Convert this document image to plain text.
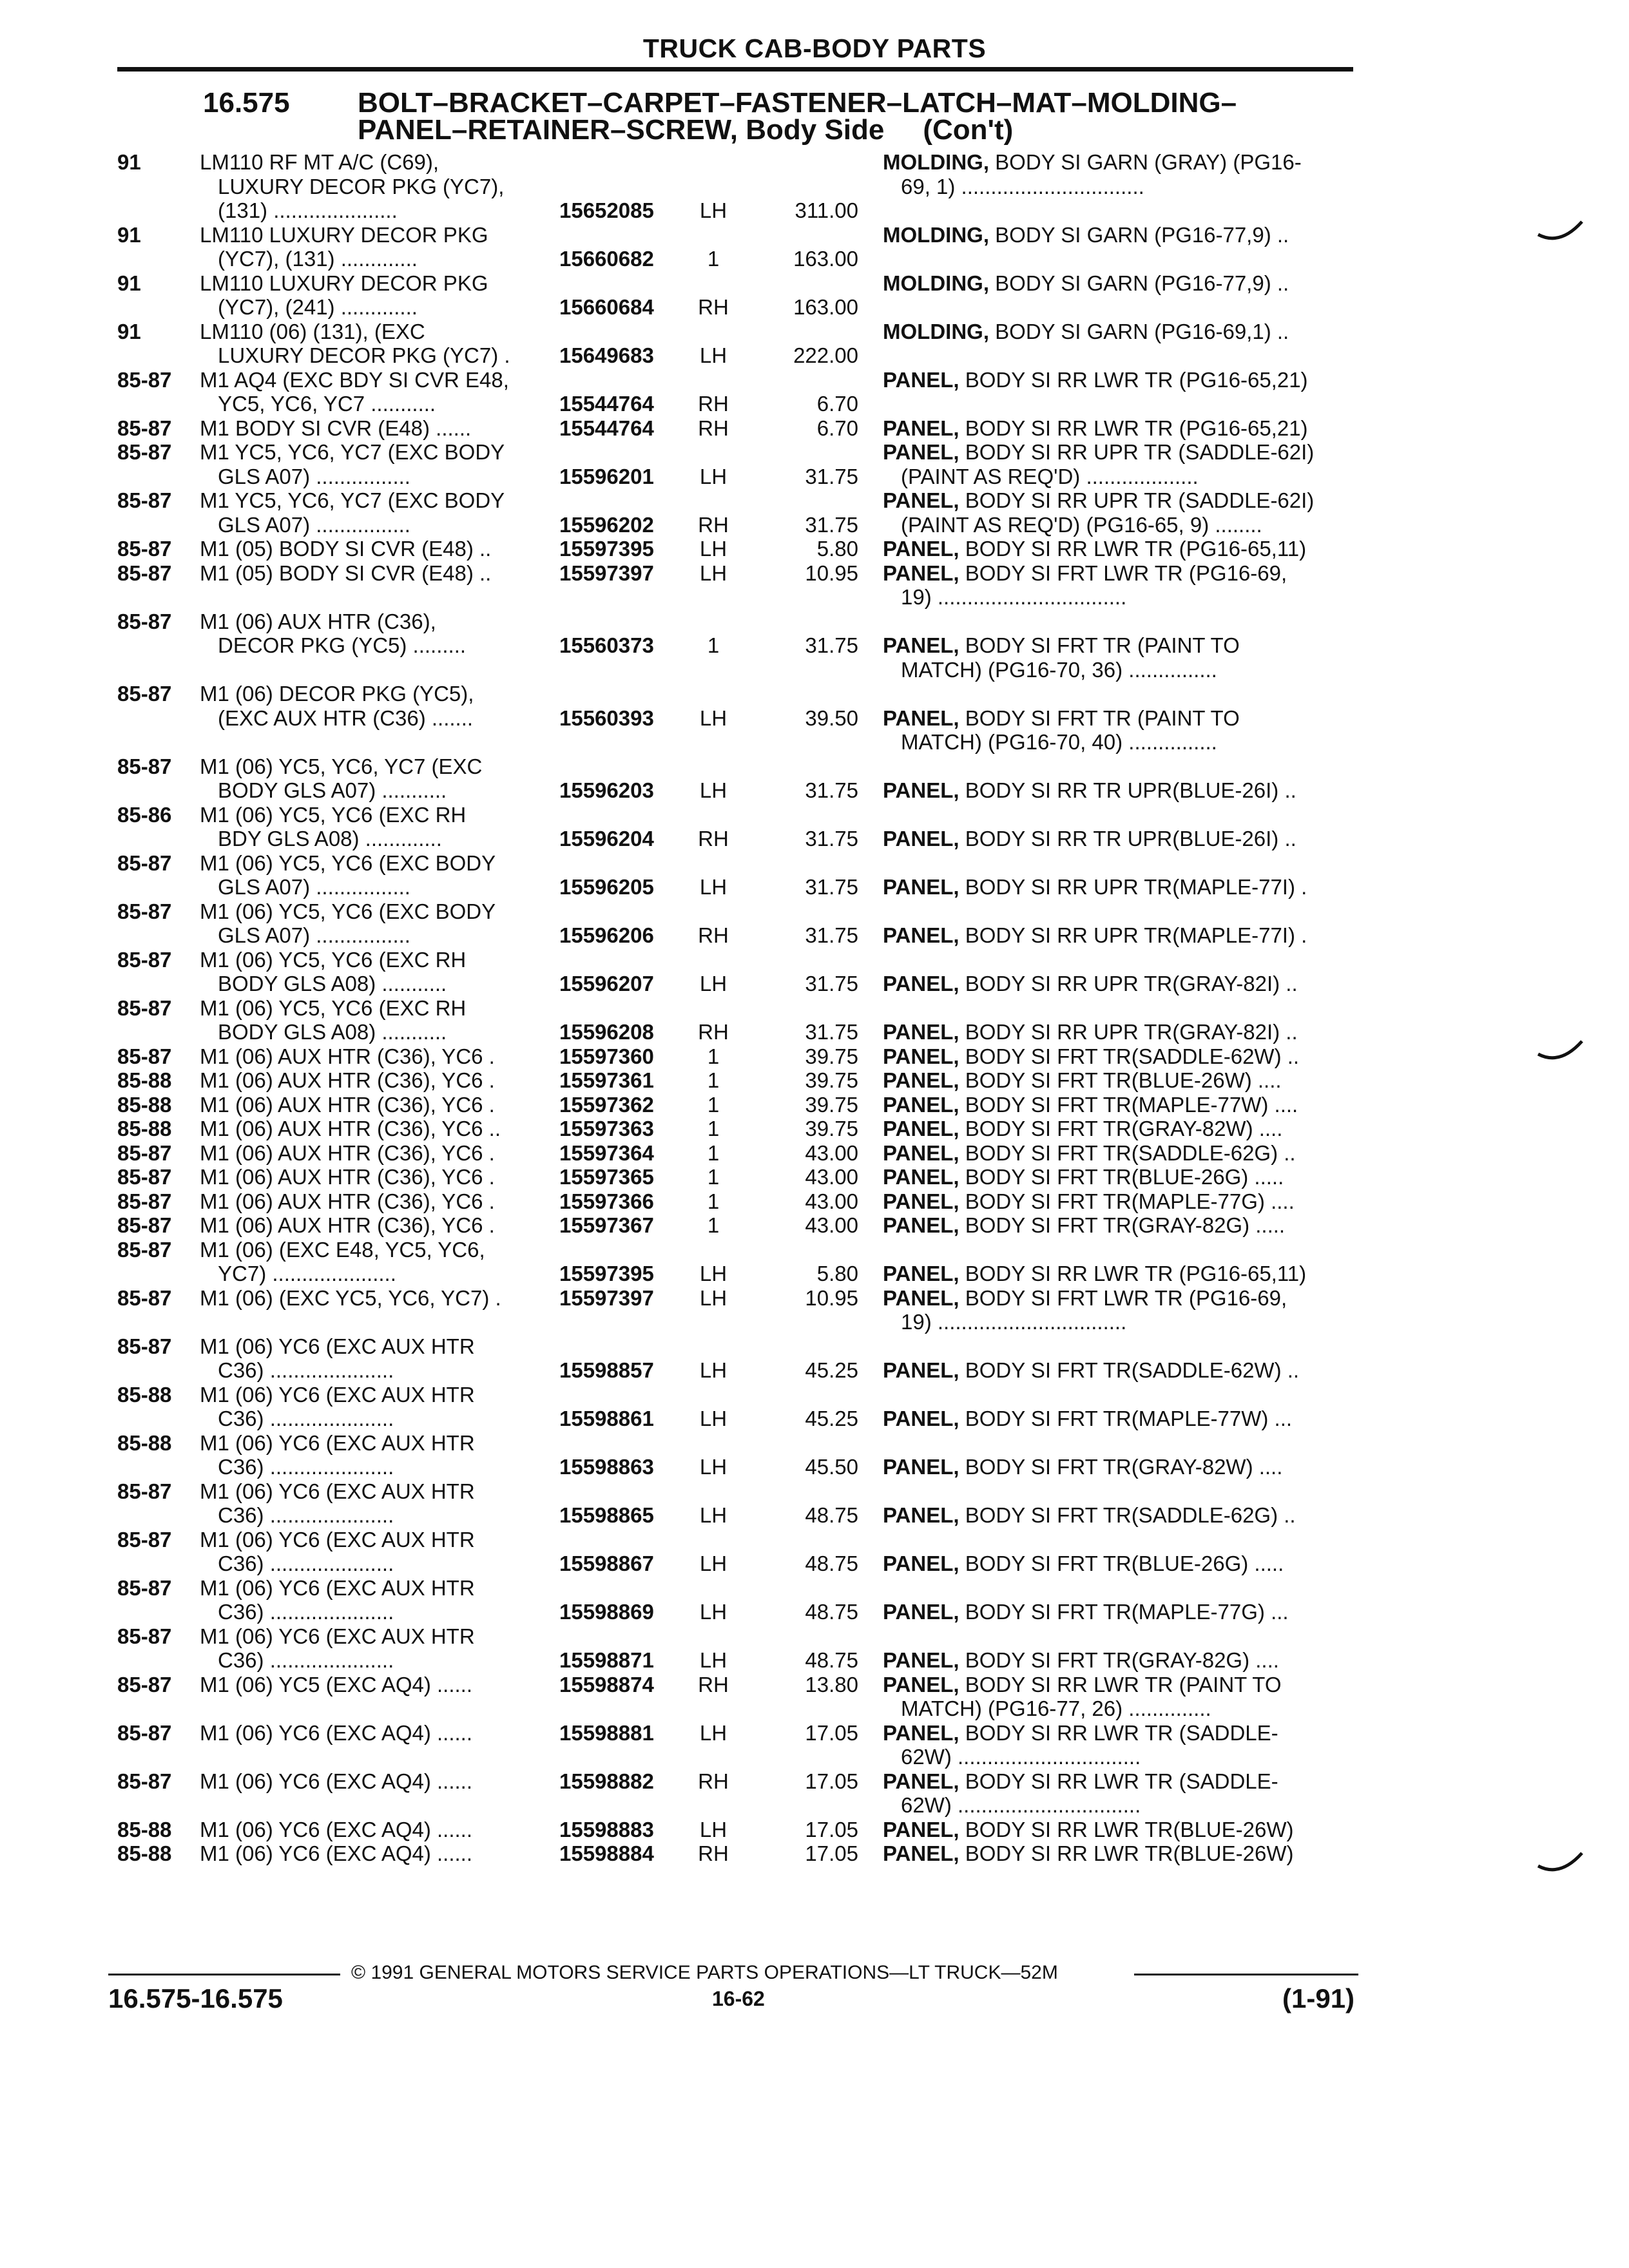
TRUCK CAB-BODY PARTS
16.575 BOLT–BRACKET–CARPET–FASTENER–LATCH–MAT–MOLDING–
PANEL–RETAINER–SCREW, Body Side (Con't)
91	LM110 RF MT A/C (C69),
LUXURY DECOR PKG (YC7),
(131) .....................	15652085	LH	311.00
MOLDING, BODY SI GARN (GRAY) (PG16-
69, 1) ...............................
91	LM110 LUXURY DECOR PKG
(YC7), (131) .............	15660682	1	163.00
MOLDING, BODY SI GARN (PG16-77,9) ..
91	LM110 LUXURY DECOR PKG
(YC7), (241) .............	15660684	RH	163.00
MOLDING, BODY SI GARN (PG16-77,9) ..
91	LM110 (06) (131), (EXC
LUXURY DECOR PKG (YC7) .	15649683	LH	222.00
MOLDING, BODY SI GARN (PG16-69,1) ..
85-87	M1 AQ4 (EXC BDY SI CVR E48,
YC5, YC6, YC7 ...........	15544764	RH	6.70
PANEL, BODY SI RR LWR TR (PG16-65,21)
85-87	M1 BODY SI CVR (E48) ......	15544764	RH	6.70 PANEL, BODY SI RR LWR TR (PG16-65,21)
85-87	M1 YC5, YC6, YC7 (EXC BODY
GLS A07) ................	15596201	LH	31.75
PANEL, BODY SI RR UPR TR (SADDLE-62I)
(PAINT AS REQ'D) ...................
85-87	M1 YC5, YC6, YC7 (EXC BODY
GLS A07) ................	15596202	RH	31.75
PANEL, BODY SI RR UPR TR (SADDLE-62I)
(PAINT AS REQ'D) (PG16-65, 9) ........
85-87	M1 (05) BODY SI CVR (E48) ..	15597395	LH	5.80 PANEL, BODY SI RR LWR TR (PG16-65,11)
85-87	M1 (05) BODY SI CVR (E48) ..	15597397	LH	10.95 PANEL, BODY SI FRT LWR TR (PG16-69,
19) ................................
85-87	M1 (06) AUX HTR (C36),
DECOR PKG (YC5) .........	15560373	1	31.75 PANEL, BODY SI FRT TR (PAINT TO
MATCH) (PG16-70, 36) ...............
85-87	M1 (06) DECOR PKG (YC5),
(EXC AUX HTR (C36) .......	15560393	LH	39.50 PANEL, BODY SI FRT TR (PAINT TO
MATCH) (PG16-70, 40) ...............
85-87	M1 (06) YC5, YC6, YC7 (EXC
BODY GLS A07) ...........	15596203	LH	31.75 PANEL, BODY SI RR TR UPR(BLUE-26I) ..
85-86	M1 (06) YC5, YC6 (EXC RH
BDY GLS A08) .............	15596204	RH	31.75 PANEL, BODY SI RR TR UPR(BLUE-26I) ..
85-87	M1 (06) YC5, YC6 (EXC BODY
GLS A07) ................	15596205	LH	31.75 PANEL, BODY SI RR UPR TR(MAPLE-77I) .
85-87	M1 (06) YC5, YC6 (EXC BODY
GLS A07) ................	15596206	RH	31.75 PANEL, BODY SI RR UPR TR(MAPLE-77I) .
85-87	M1 (06) YC5, YC6 (EXC RH
BODY GLS A08) ...........	15596207	LH	31.75 PANEL, BODY SI RR UPR TR(GRAY-82I) ..
85-87	M1 (06) YC5, YC6 (EXC RH
BODY GLS A08) ...........	15596208	RH	31.75 PANEL, BODY SI RR UPR TR(GRAY-82I) ..
85-87	M1 (06) AUX HTR (C36), YC6 .	15597360	1	39.75 PANEL, BODY SI FRT TR(SADDLE-62W) ..
85-88	M1 (06) AUX HTR (C36), YC6 .	15597361	1	39.75 PANEL, BODY SI FRT TR(BLUE-26W) ....
85-88	M1 (06) AUX HTR (C36), YC6 .	15597362	1	39.75 PANEL, BODY SI FRT TR(MAPLE-77W) ....
85-88	M1 (06) AUX HTR (C36), YC6 ..	15597363	1	39.75 PANEL, BODY SI FRT TR(GRAY-82W) ....
85-87	M1 (06) AUX HTR (C36), YC6 .	15597364	1	43.00 PANEL, BODY SI FRT TR(SADDLE-62G) ..
85-87	M1 (06) AUX HTR (C36), YC6 .	15597365	1	43.00 PANEL, BODY SI FRT TR(BLUE-26G) .....
85-87	M1 (06) AUX HTR (C36), YC6 .	15597366	1	43.00 PANEL, BODY SI FRT TR(MAPLE-77G) ....
85-87	M1 (06) AUX HTR (C36), YC6 .	15597367	1	43.00 PANEL, BODY SI FRT TR(GRAY-82G) .....
85-87	M1 (06) (EXC E48, YC5, YC6,
YC7) .....................	15597395	LH	5.80 PANEL, BODY SI RR LWR TR (PG16-65,11)
85-87	M1 (06) (EXC YC5, YC6, YC7) .	15597397	LH	10.95 PANEL, BODY SI FRT LWR TR (PG16-69,
19) ................................
85-87	M1 (06) YC6 (EXC AUX HTR
C36) .....................	15598857	LH	45.25 PANEL, BODY SI FRT TR(SADDLE-62W) ..
85-88	M1 (06) YC6 (EXC AUX HTR
C36) .....................	15598861	LH	45.25 PANEL, BODY SI FRT TR(MAPLE-77W) ...
85-88	M1 (06) YC6 (EXC AUX HTR
C36) .....................	15598863	LH	45.50 PANEL, BODY SI FRT TR(GRAY-82W) ....
85-87	M1 (06) YC6 (EXC AUX HTR
C36) .....................	15598865	LH	48.75 PANEL, BODY SI FRT TR(SADDLE-62G) ..
85-87	M1 (06) YC6 (EXC AUX HTR
C36) .....................	15598867	LH	48.75 PANEL, BODY SI FRT TR(BLUE-26G) .....
85-87	M1 (06) YC6 (EXC AUX HTR
C36) .....................	15598869	LH	48.75 PANEL, BODY SI FRT TR(MAPLE-77G) ...
85-87	M1 (06) YC6 (EXC AUX HTR
C36) .....................	15598871	LH	48.75 PANEL, BODY SI FRT TR(GRAY-82G) ....
85-87	M1 (06) YC5 (EXC AQ4) ......	15598874	RH	13.80 PANEL, BODY SI RR LWR TR (PAINT TO
MATCH) (PG16-77, 26) ..............
85-87	M1 (06) YC6 (EXC AQ4) ......	15598881	LH	17.05 PANEL, BODY SI RR LWR TR (SADDLE-
62W) ...............................
85-87	M1 (06) YC6 (EXC AQ4) ......	15598882	RH	17.05 PANEL, BODY SI RR LWR TR (SADDLE-
62W) ...............................
85-88	M1 (06) YC6 (EXC AQ4) ......	15598883	LH	17.05 PANEL, BODY SI RR LWR TR(BLUE-26W)
85-88	M1 (06) YC6 (EXC AQ4) ......	15598884	RH	17.05 PANEL, BODY SI RR LWR TR(BLUE-26W)
© 1991 GENERAL MOTORS SERVICE PARTS OPERATIONS—LT TRUCK—52M
16.575-16.575	16-62	(1-91)
